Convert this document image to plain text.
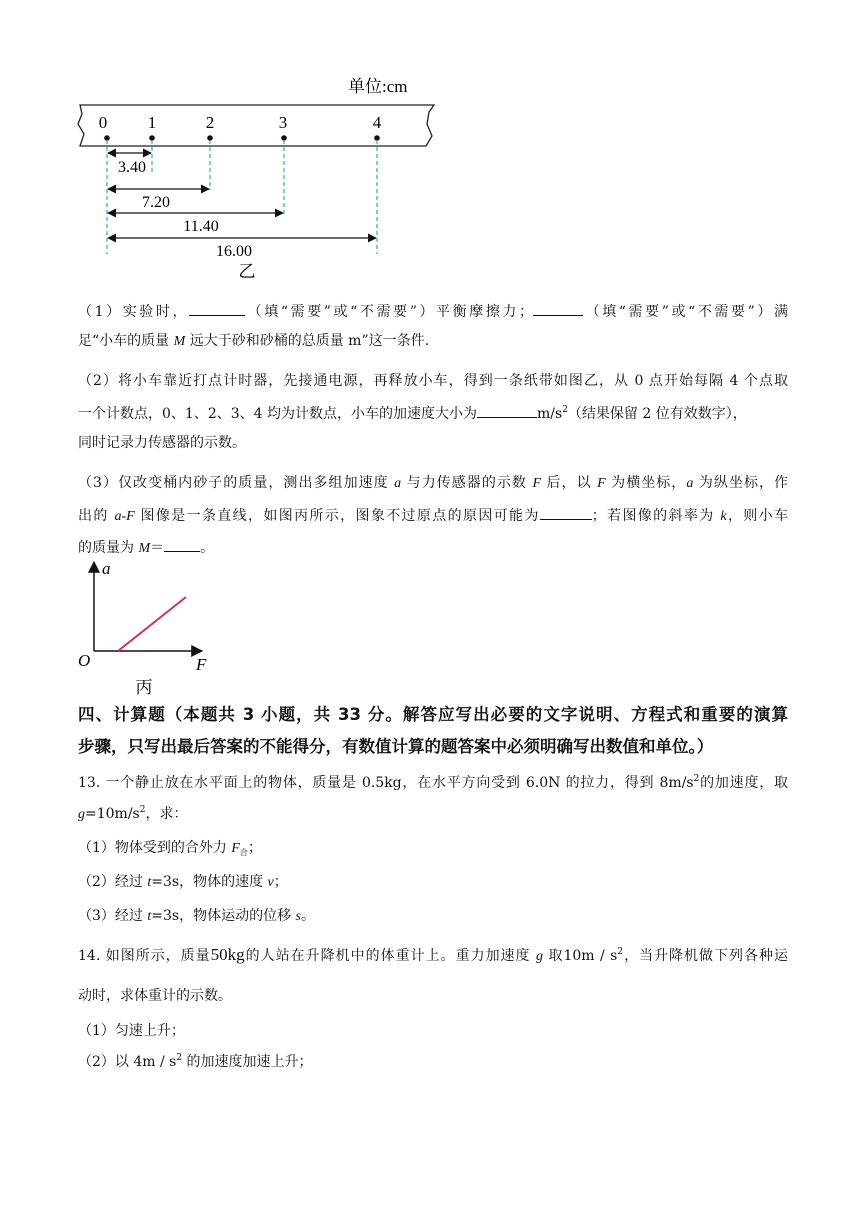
单位:cm
0 1	2	3	4
3.40
7.20
11.40
16.00
乙
（1）实验时，	（填“需要”或“不需要”）平衡摩擦力；	（填“需要”或“不需要”）满
足“小车的质量 M 远大于砂和砂桶的总质量 m”这一条件.
（2）将小车靠近打点计时器，先接通电源，再释放小车，得到一条纸带如图乙，从 0 点开始每隔 4 个点取
一个计数点，0、1、2、3、4 均为计数点，小车的加速度大小为	$m/s^2$（结果保留 2 位有效数字），
同时记录力传感器的示数。
（3）仅改变桶内砂子的质量，测出多组加速度 a 与力传感器的示数 F 后，以 F 为横坐标，a 为纵坐标，作
出的 a-F 图像是一条直线，如图丙所示，图象不过原点的原因可能为	；若图像的斜率为 k，则小车
的质量为 M＝	。
a
F
O
丙
四、计算题（本题共 3 小题，共 33 分。解答应写出必要的文字说明、方程式和重要的演算
步骤，只写出最后答案的不能得分，有数值计算的题答案中必须明确写出数值和单位。）
13. 一个静止放在水平面上的物体，质量是 0.5kg，在水平方向受到 6.0N 的拉力，得到 $8m/s^2$的加速度，取
$g=10m/s^2$，求：
（1）物体受到的合外力 $F_合$；
（2）经过 t=3s，物体的速度 v；
（3）经过 t=3s，物体运动的位移 s。
14. 如图所示，质量50kg的人站在升降机中的体重计上。重力加速度 g 取$10m / s^2$，当升降机做下列各种运
动时，求体重计的示数。
（1）匀速上升；
（2）以 $4m / s^2$ 的加速度加速上升；
